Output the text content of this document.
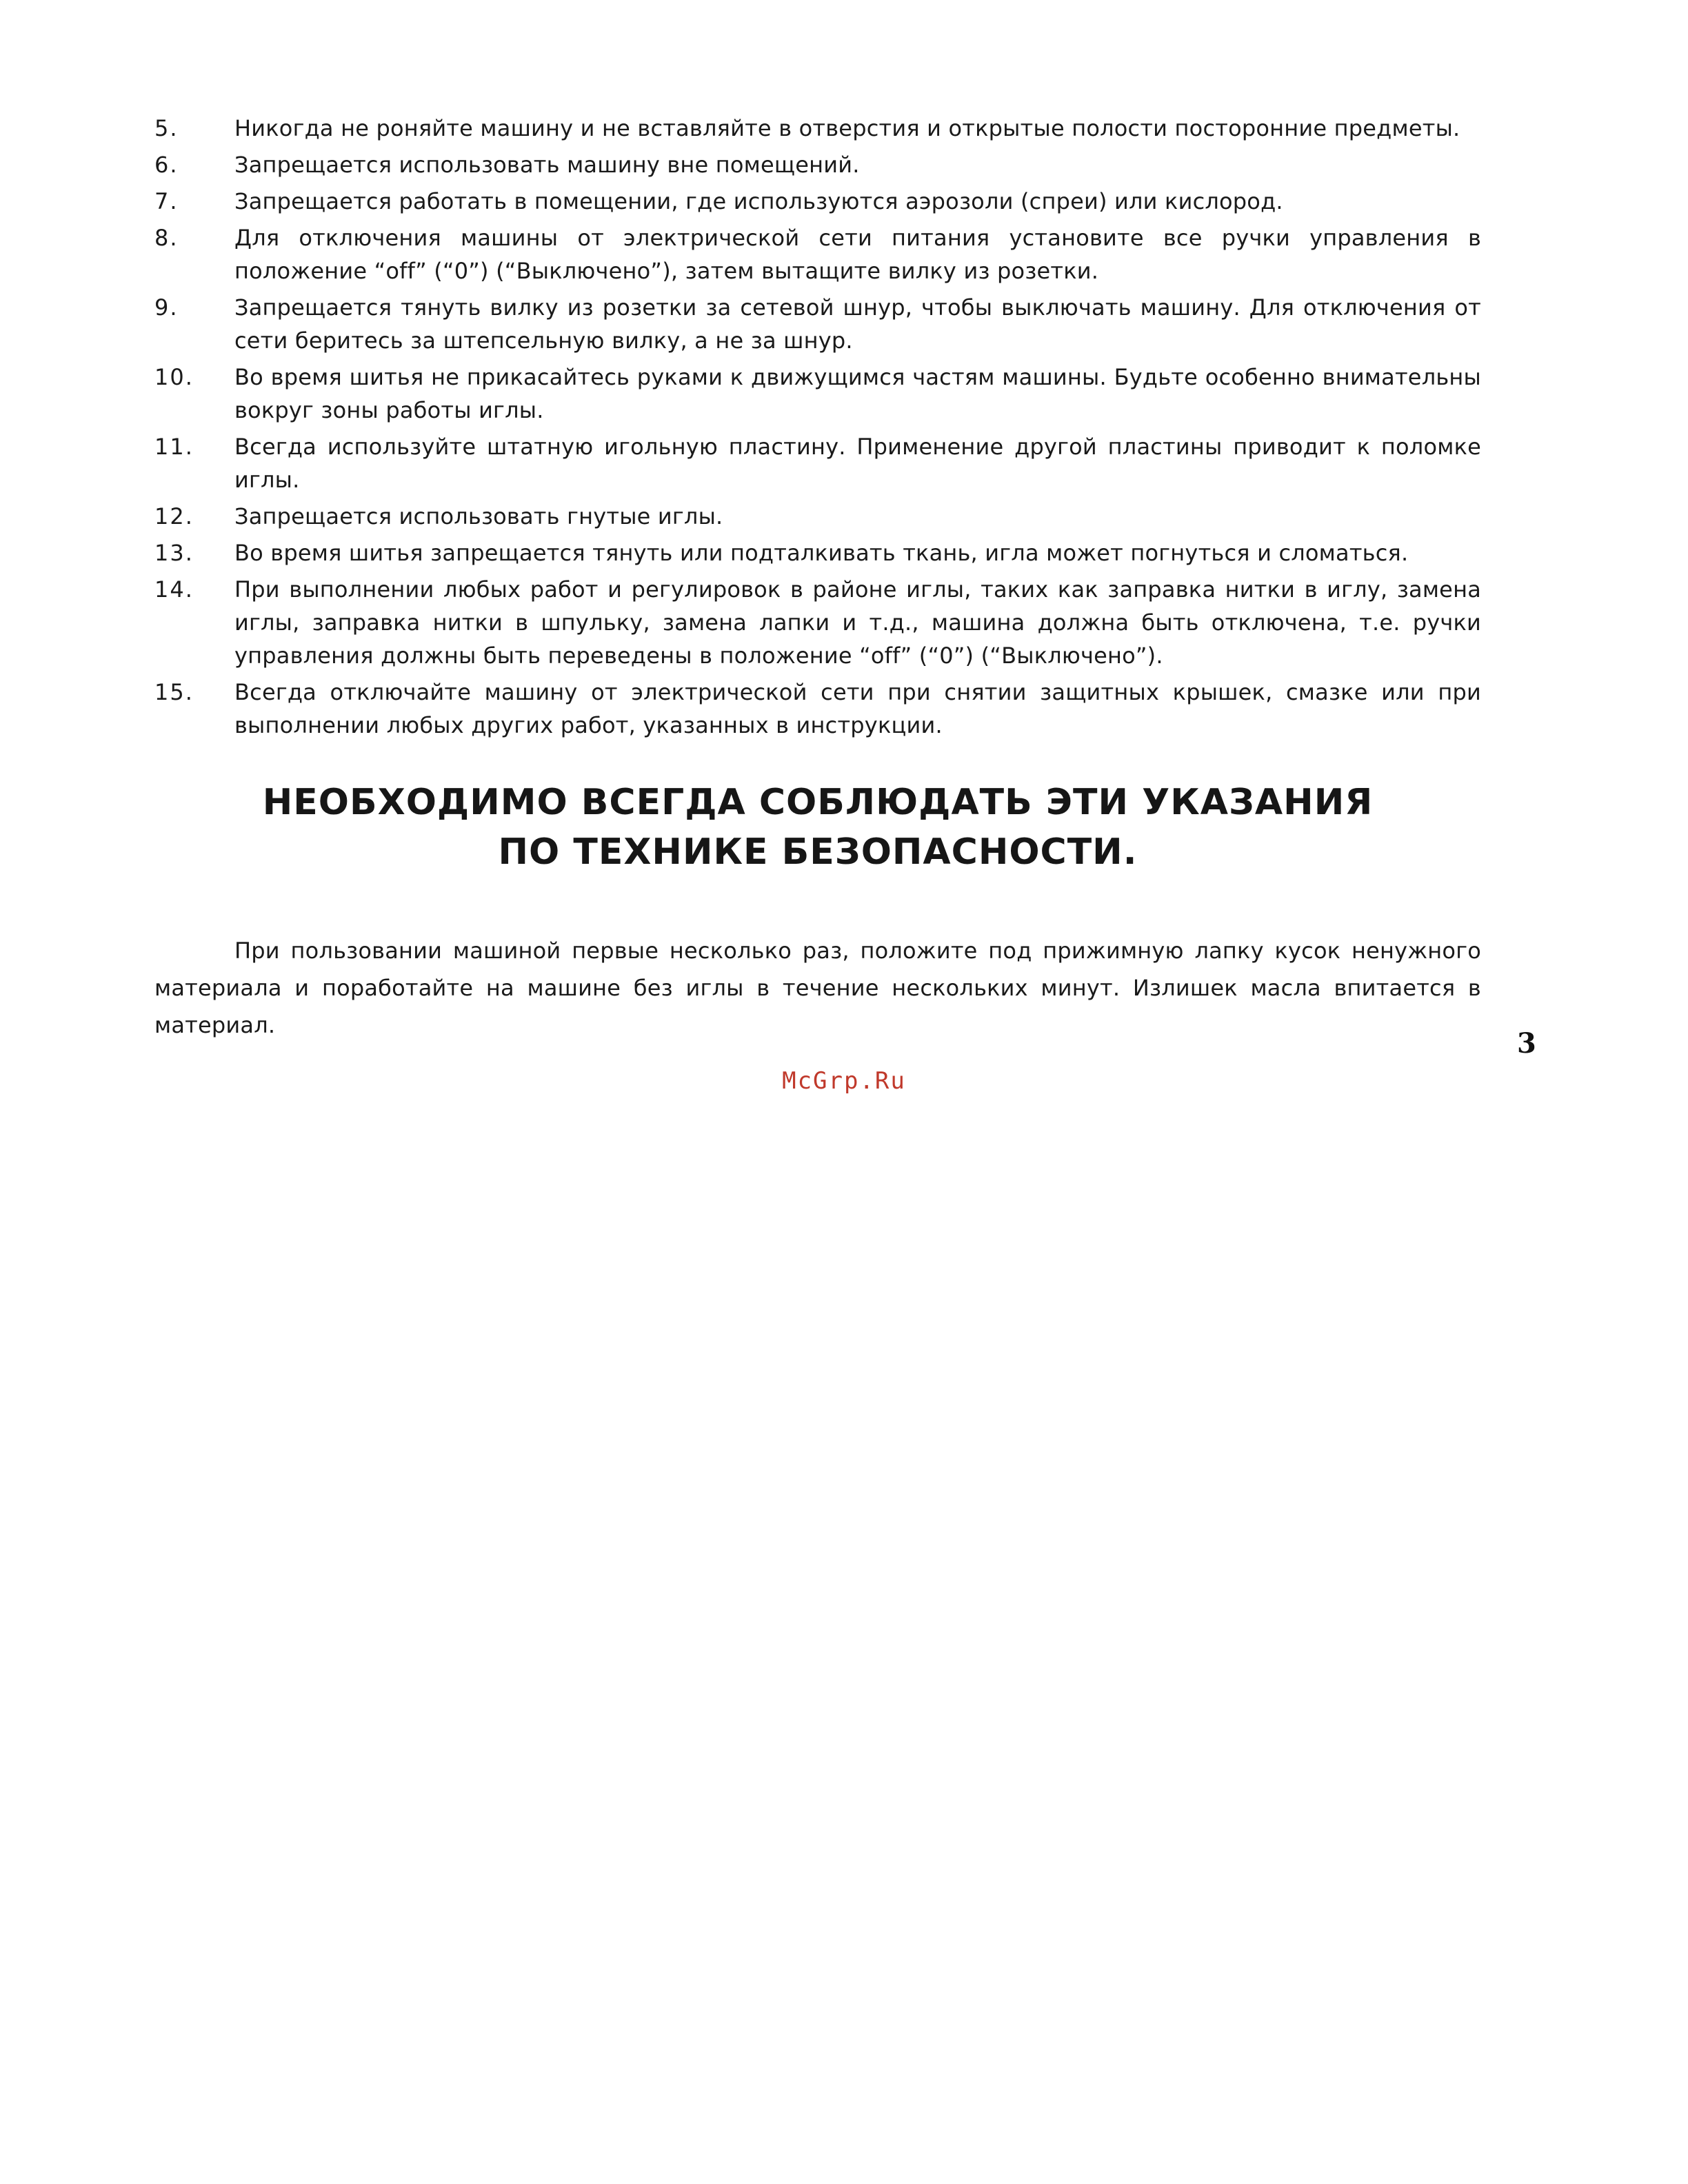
5.	Никогда не роняйте машину и не вставляйте в отверстия и открытые полости посторонние предметы.
6.	Запрещается использовать машину вне помещений.
7.	Запрещается работать в помещении, где используются аэрозоли (спреи) или кислород.
8.	Для отключения машины от электрической сети питания установите все ручки управления в положение “off” (“0”) (“Выключено”), затем вытащите вилку из розетки.
9.	Запрещается тянуть вилку из розетки за сетевой шнур, чтобы выключать машину. Для отключения от сети беритесь за штепсельную вилку, а не за шнур.
10.	Во время шитья не прикасайтесь руками к движущимся частям машины. Будьте особенно внимательны вокруг зоны работы иглы.
11.	Всегда используйте штатную игольную пластину. Применение другой пластины приводит к поломке иглы.
12.	Запрещается использовать гнутые иглы.
13.	Во время шитья запрещается тянуть или подталкивать ткань, игла может погнуться и сломаться.
14.	При выполнении любых работ и регулировок в районе иглы, таких как заправка нитки в иглу, замена иглы, заправка нитки в шпульку, замена лапки и т.д., машина должна быть отключена, т.е. ручки управления должны быть переведены в положение “off” (“0”) (“Выключено”).
15.	Всегда отключайте машину от электрической сети при снятии защитных крышек, смазке или при выполнении любых других работ, указанных в инструкции.
НЕОБХОДИМО ВСЕГДА СОБЛЮДАТЬ ЭТИ УКАЗАНИЯ
ПО ТЕХНИКЕ БЕЗОПАСНОСТИ.

При пользовании машиной первые несколько раз, положите под прижимную лапку кусок ненужного материала и поработайте на машине без иглы в течение нескольких минут. Излишек масла впитается в материал.

3
McGrp.Ru
